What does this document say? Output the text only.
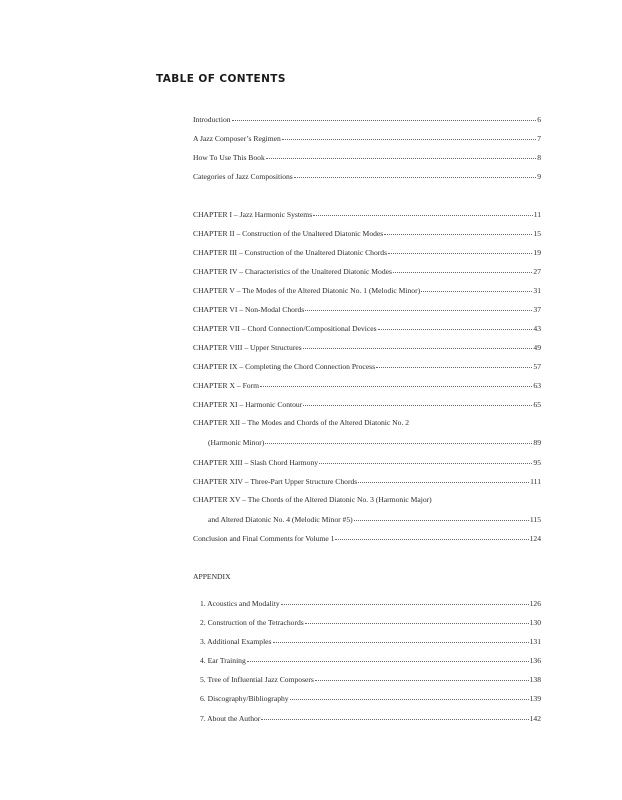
TABLE OF CONTENTS
Introduction	6
A Jazz Composer’s Regimen	7
How To Use This Book	8
Categories of Jazz Compositions	9
CHAPTER I – Jazz Harmonic Systems	11
CHAPTER II – Construction of the Unaltered Diatonic Modes	15
CHAPTER III – Construction of the Unaltered Diatonic Chords	19
CHAPTER IV – Characteristics of the Unaltered Diatonic Modes	27
CHAPTER V – The Modes of the Altered Diatonic No. 1 (Melodic Minor)	31
CHAPTER VI – Non-Modal Chords	37
CHAPTER VII – Chord Connection/Compositional Devices	43
CHAPTER VIII – Upper Structures	49
CHAPTER IX – Completing the Chord Connection Process	57
CHAPTER X – Form	63
CHAPTER XI – Harmonic Contour	65
CHAPTER XII – The Modes and Chords of the Altered Diatonic No. 2
(Harmonic Minor)	89
CHAPTER XIII – Slash Chord Harmony	95
CHAPTER XIV – Three-Part Upper Structure Chords	111
CHAPTER XV – The Chords of the Altered Diatonic No. 3 (Harmonic Major)
and Altered Diatonic No. 4 (Melodic Minor #5)	115
Conclusion and Final Comments for Volume 1	124
APPENDIX
1. Acoustics and Modality	126
2. Construction of the Tetrachords	130
3. Additional Examples	131
4. Ear Training	136
5. Tree of Influential Jazz Composers	138
6. Discography/Bibliography	139
7. About the Author	142
